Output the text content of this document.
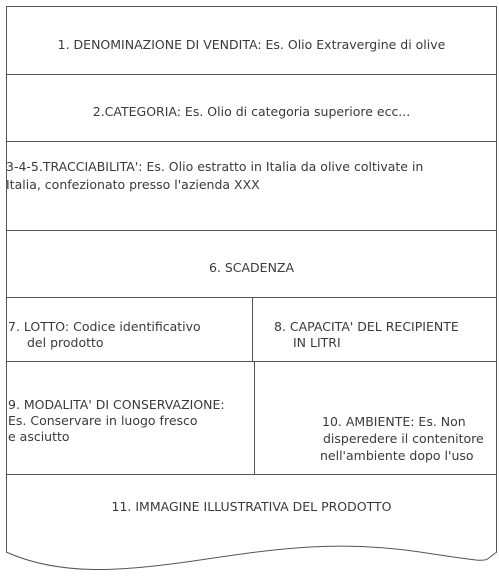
1. DENOMINAZIONE DI VENDITA: Es. Olio Extravergine di olive
2.CATEGORIA: Es. Olio di categoria superiore ecc...
3-4-5.TRACCIABILITA': Es. Olio estratto in Italia da olive coltivate in
Italia, confezionato presso l'azienda XXX
6. SCADENZA
7. LOTTO: Codice identificativo
del prodotto
8. CAPACITA' DEL RECIPIENTE
IN LITRI
9. MODALITA' DI CONSERVAZIONE:
Es. Conservare in luogo fresco
e asciutto
10. AMBIENTE: Es. Non
disperedere il contenitore
nell'ambiente dopo l'uso
11. IMMAGINE ILLUSTRATIVA DEL PRODOTTO
